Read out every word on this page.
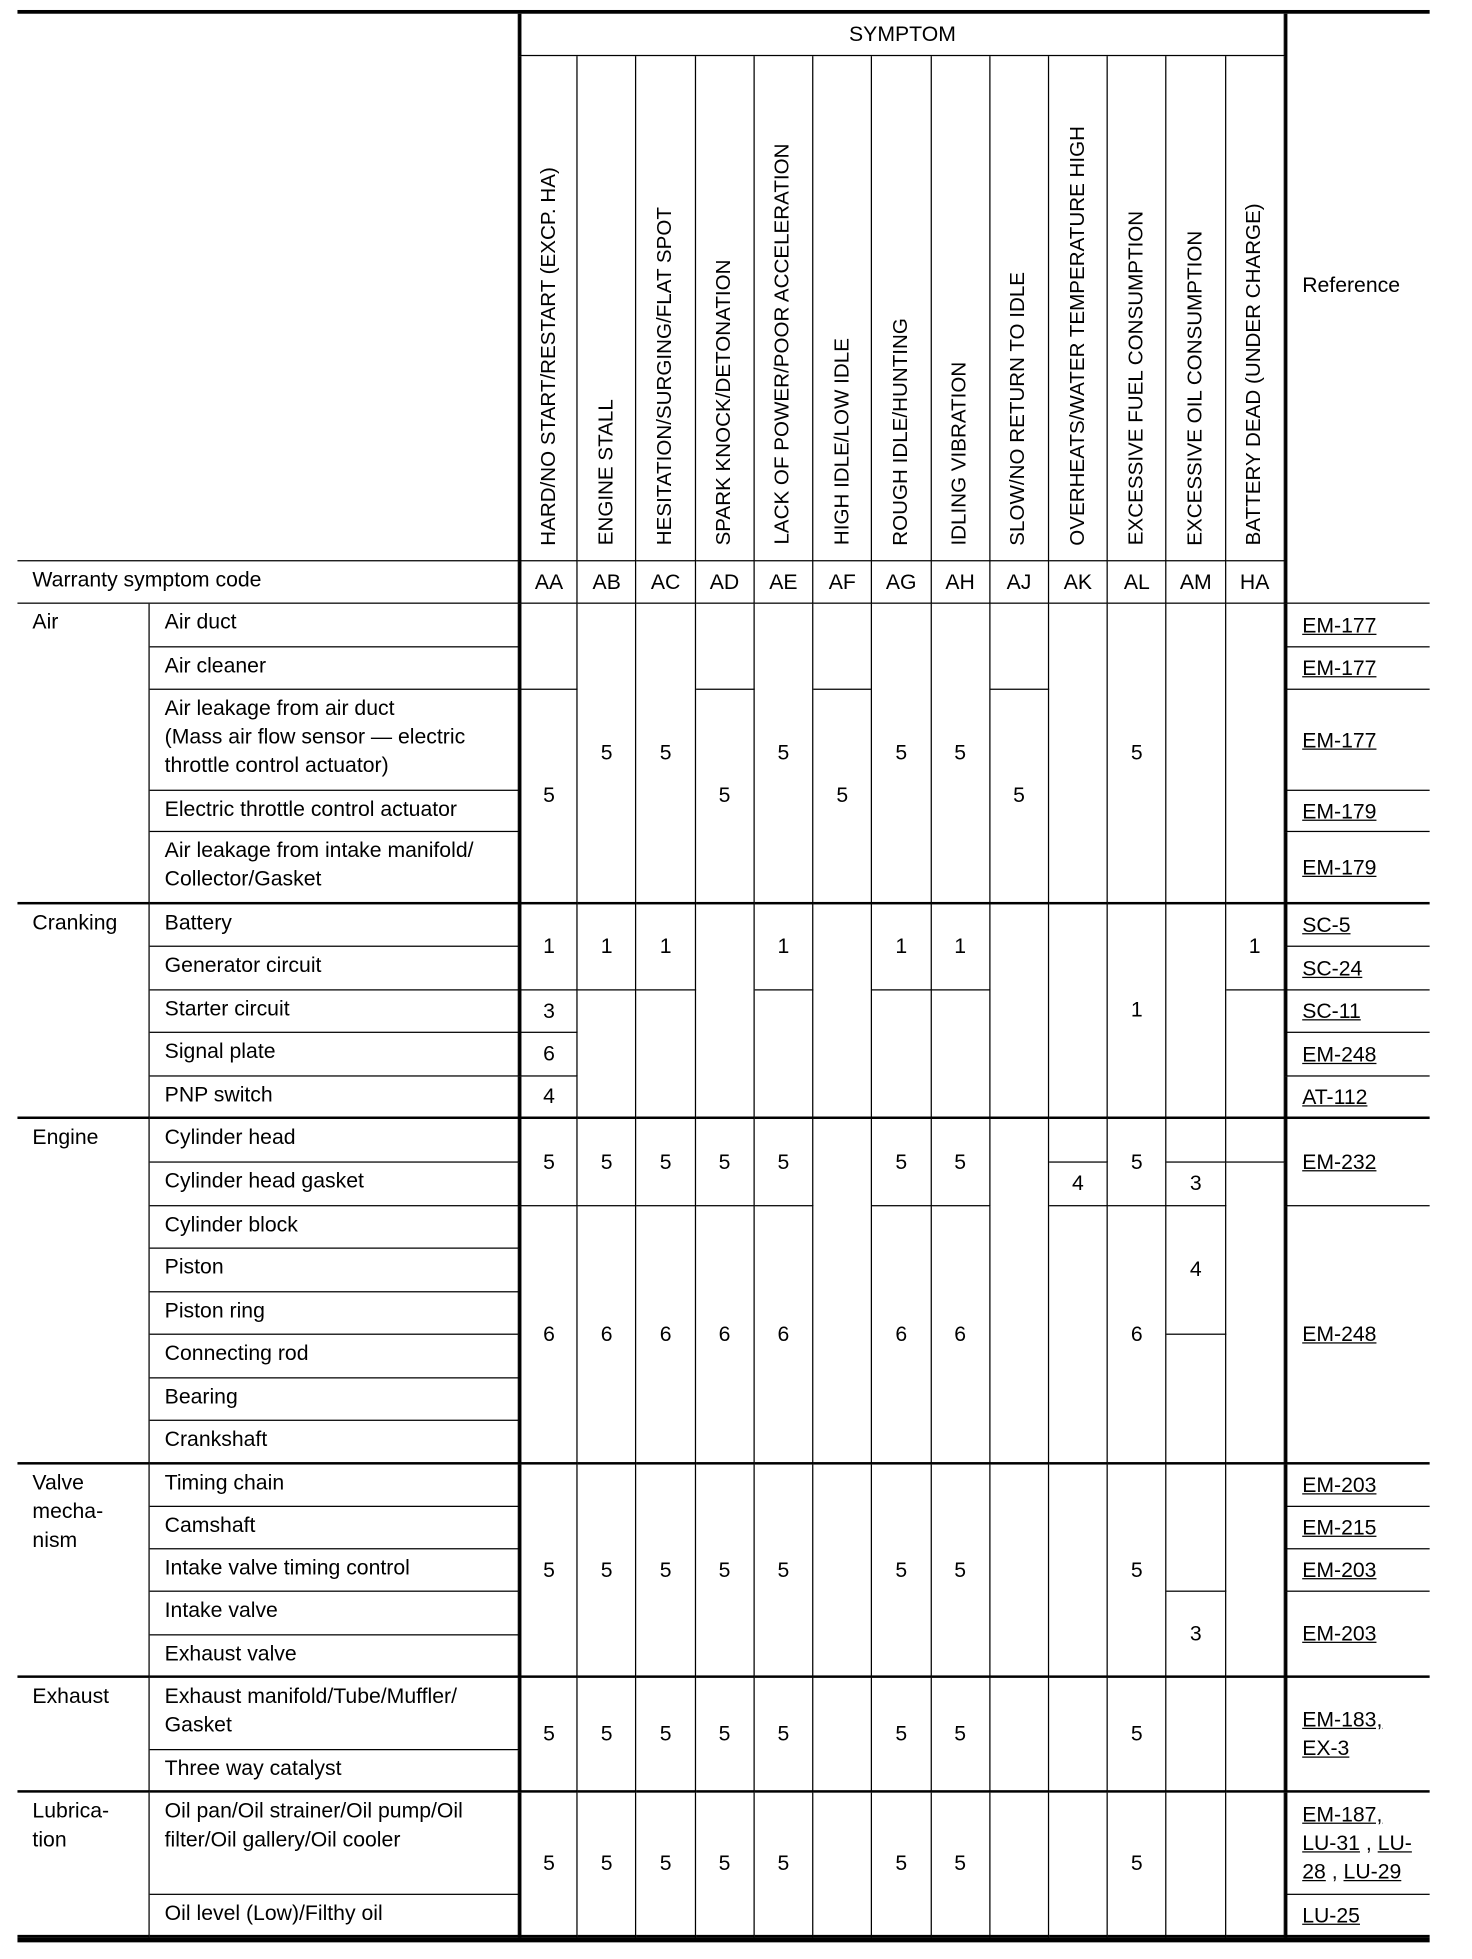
SYMPTOM
Reference
Warranty symptom code
HARD/NO START/RESTART (EXCP. HA)
AA
5
1
3
6
4
5
6
5
5
5
ENGINE STALL
AB
5
1
5
6
5
5
5
HESITATION/SURGING/FLAT SPOT
AC
5
1
5
6
5
5
5
SPARK KNOCK/DETONATION
AD
5
5
6
5
5
5
LACK OF POWER/POOR ACCELERATION
AE
5
1
5
6
5
5
5
HIGH IDLE/LOW IDLE
AF
5
ROUGH IDLE/HUNTING
AG
5
1
5
6
5
5
5
IDLING VIBRATION
AH
5
1
5
6
5
5
5
SLOW/NO RETURN TO IDLE
AJ
5
OVERHEATS/WATER TEMPERATURE HIGH
AK
4
EXCESSIVE FUEL CONSUMPTION
AL
5
1
5
6
5
5
5
EXCESSIVE OIL CONSUMPTION
AM
3
4
3
BATTERY DEAD (UNDER CHARGE)
HA
1
Air
Cranking
Engine
Valve
mecha-
nism
Exhaust
Lubrica-
tion
Air duct
Air cleaner
Air leakage from air duct
(Mass air flow sensor — electric
throttle control actuator)
Electric throttle control actuator
Air leakage from intake manifold/
Collector/Gasket
Battery
Generator circuit
Starter circuit
Signal plate
PNP switch
Cylinder head
Cylinder head gasket
Cylinder block
Piston
Piston ring
Connecting rod
Bearing
Crankshaft
Timing chain
Camshaft
Intake valve timing control
Intake valve
Exhaust valve
Exhaust manifold/Tube/Muffler/
Gasket
Three way catalyst
Oil pan/Oil strainer/Oil pump/Oil
filter/Oil gallery/Oil cooler
Oil level (Low)/Filthy oil
EM-177
EM-177
EM-177
EM-179
EM-179
SC-5
SC-24
SC-11
EM-248
AT-112
EM-232
EM-248
EM-203
EM-215
EM-203
EM-203
EM-183, EX-3
EM-187, LU-31 , LU-28 , LU-29
LU-25
